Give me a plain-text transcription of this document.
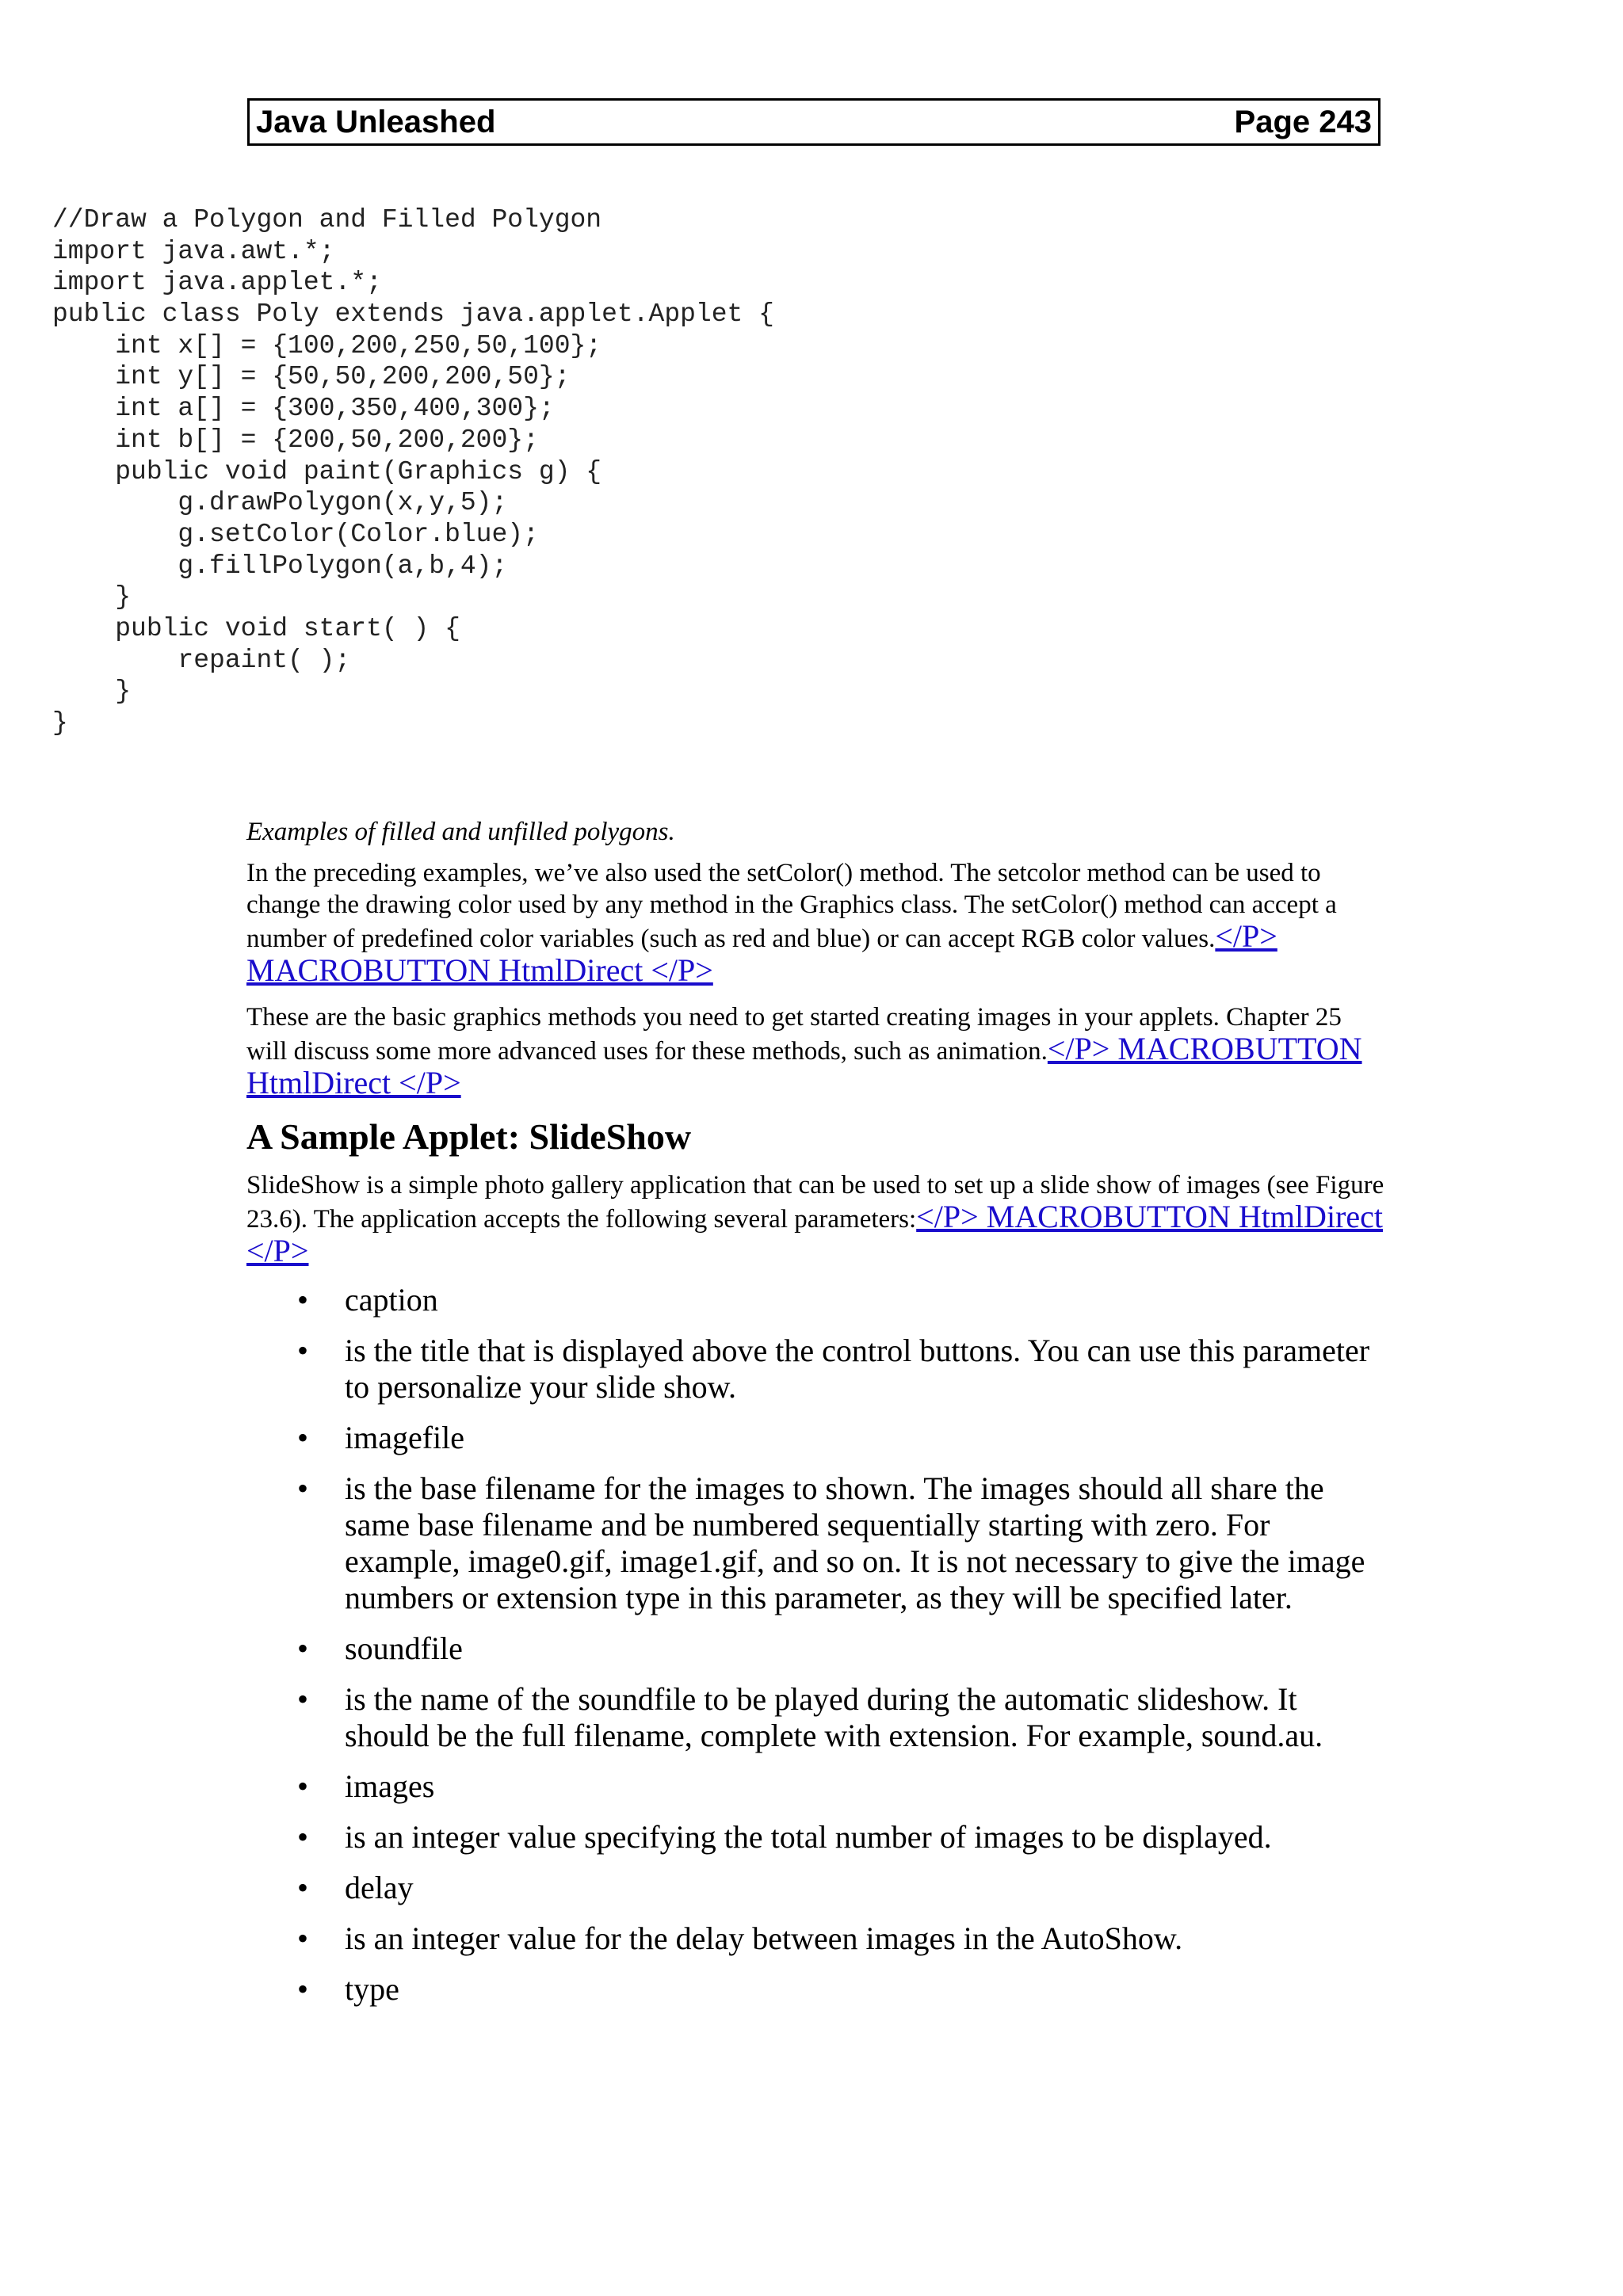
Java Unleashed	Page 243
//Draw a Polygon and Filled Polygon
import java.awt.*;
import java.applet.*;
public class Poly extends java.applet.Applet {
int x[] = {100,200,250,50,100};
int y[] = {50,50,200,200,50};
int a[] = {300,350,400,300};
int b[] = {200,50,200,200};
public void paint(Graphics g) {
g.drawPolygon(x,y,5);
g.setColor(Color.blue);
g.fillPolygon(a,b,4);
}
public void start( ) {
repaint( );
}
}

Examples of filled and unfilled polygons.

In the preceding examples, we’ve also used the setColor() method. The setcolor method can be used to change the drawing color used by any method in the Graphics class. The setColor() method can accept a number of predefined color variables (such as red and blue) or can accept RGB color values.</P> MACROBUTTON HtmlDirect </P>

These are the basic graphics methods you need to get started creating images in your applets. Chapter 25 will discuss some more advanced uses for these methods, such as animation.</P> MACROBUTTON HtmlDirect </P>

A Sample Applet: SlideShow

SlideShow is a simple photo gallery application that can be used to set up a slide show of images (see Figure 23.6). The application accepts the following several parameters:</P> MACROBUTTON HtmlDirect </P>

• caption
• is the title that is displayed above the control buttons. You can use this parameter to personalize your slide show.
• imagefile
• is the base filename for the images to shown. The images should all share the same base filename and be numbered sequentially starting with zero. For example, image0.gif, image1.gif, and so on. It is not necessary to give the image numbers or extension type in this parameter, as they will be specified later.
• soundfile
• is the name of the soundfile to be played during the automatic slideshow. It should be the full filename, complete with extension. For example, sound.au.
• images
• is an integer value specifying the total number of images to be displayed.
• delay
• is an integer value for the delay between images in the AutoShow.
• type
